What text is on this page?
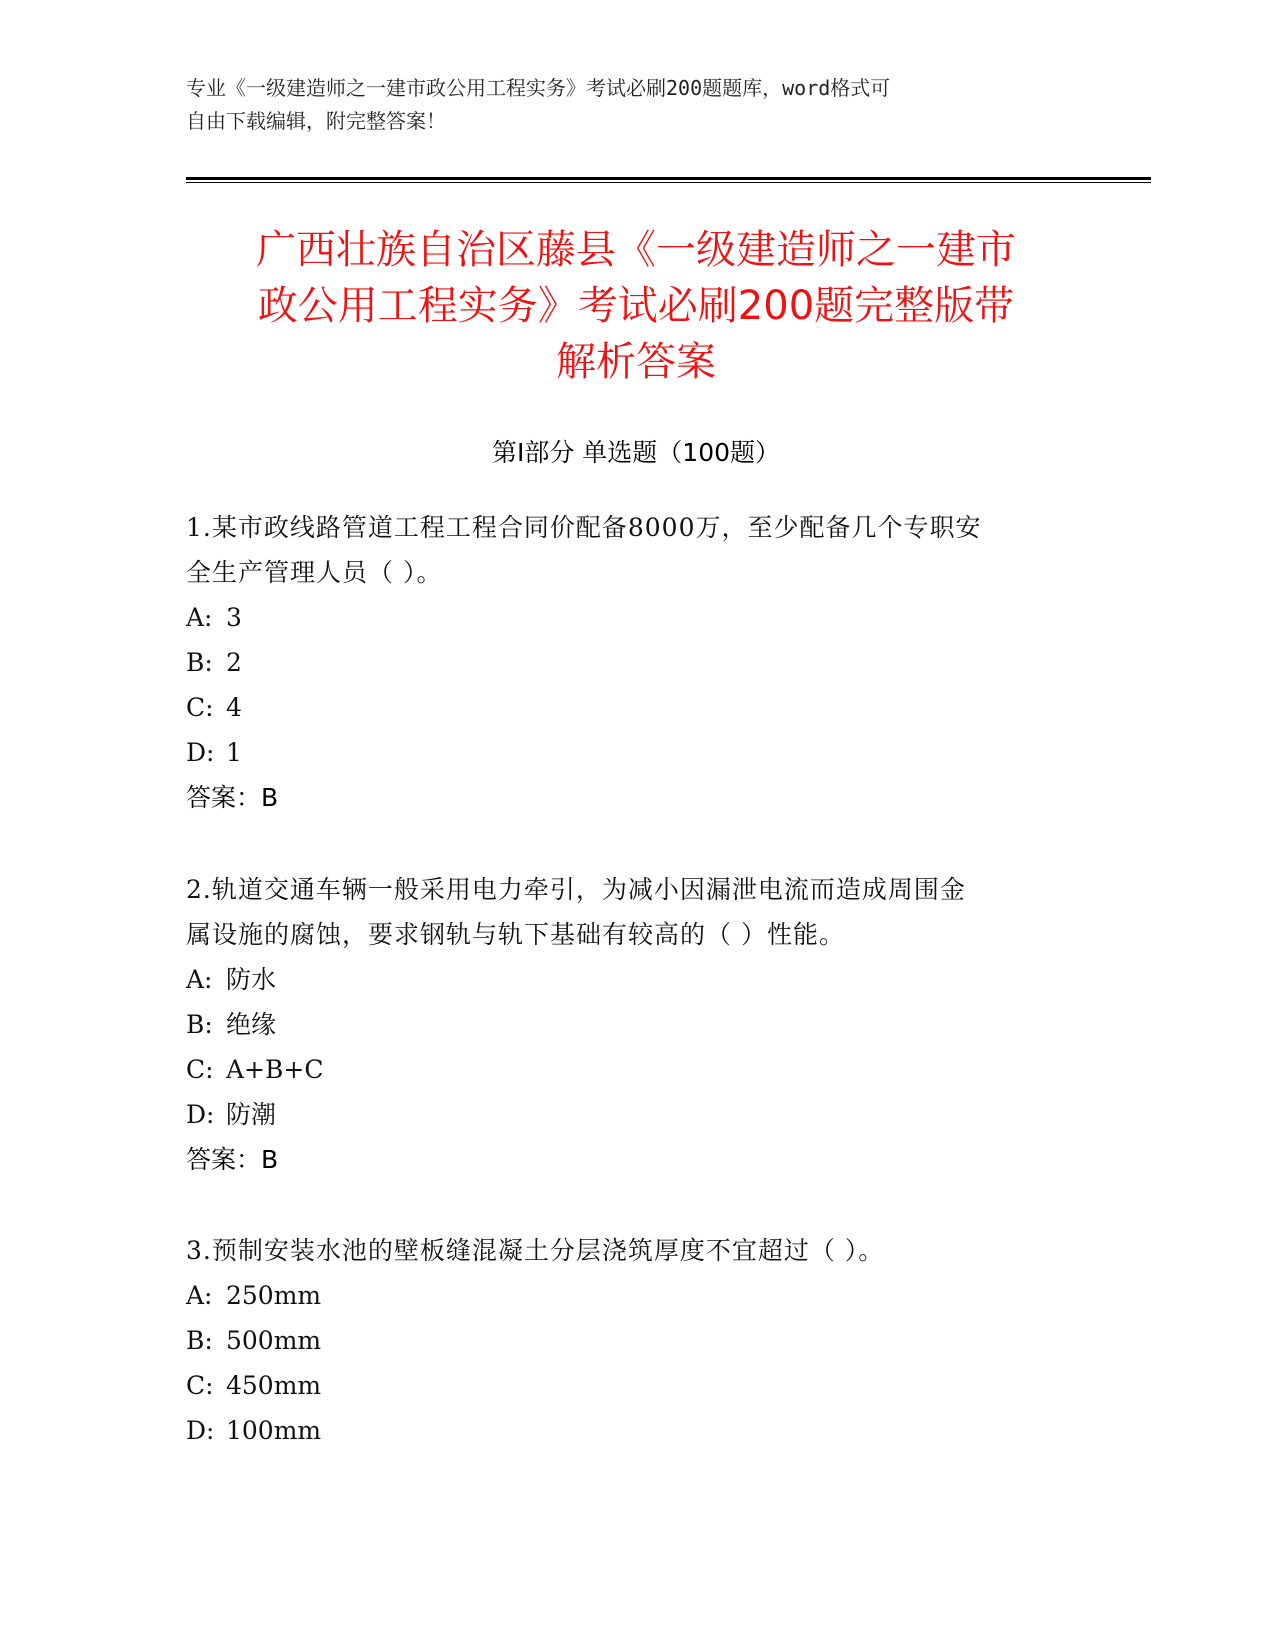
专业《一级建造师之一建市政公用工程实务》考试必刷200题题库，word格式可
自由下载编辑，附完整答案！
广西壮族自治区藤县《一级建造师之一建市
政公用工程实务》考试必刷200题完整版带
解析答案
第Ⅰ部分 单选题（100题）
1.某市政线路管道工程工程合同价配备8000万，至少配备几个专职安
全生产管理人员（ ）。
A: 3
B: 2
C: 4
D: 1
答案：B
2.轨道交通车辆一般采用电力牵引，为减小因漏泄电流而造成周围金
属设施的腐蚀，要求钢轨与轨下基础有较高的（ ）性能。
A: 防水
B: 绝缘
C: A+B+C
D: 防潮
答案：B
3.预制安装水池的壁板缝混凝土分层浇筑厚度不宜超过（ ）。
A: 250mm
B: 500mm
C: 450mm
D: 100mm
